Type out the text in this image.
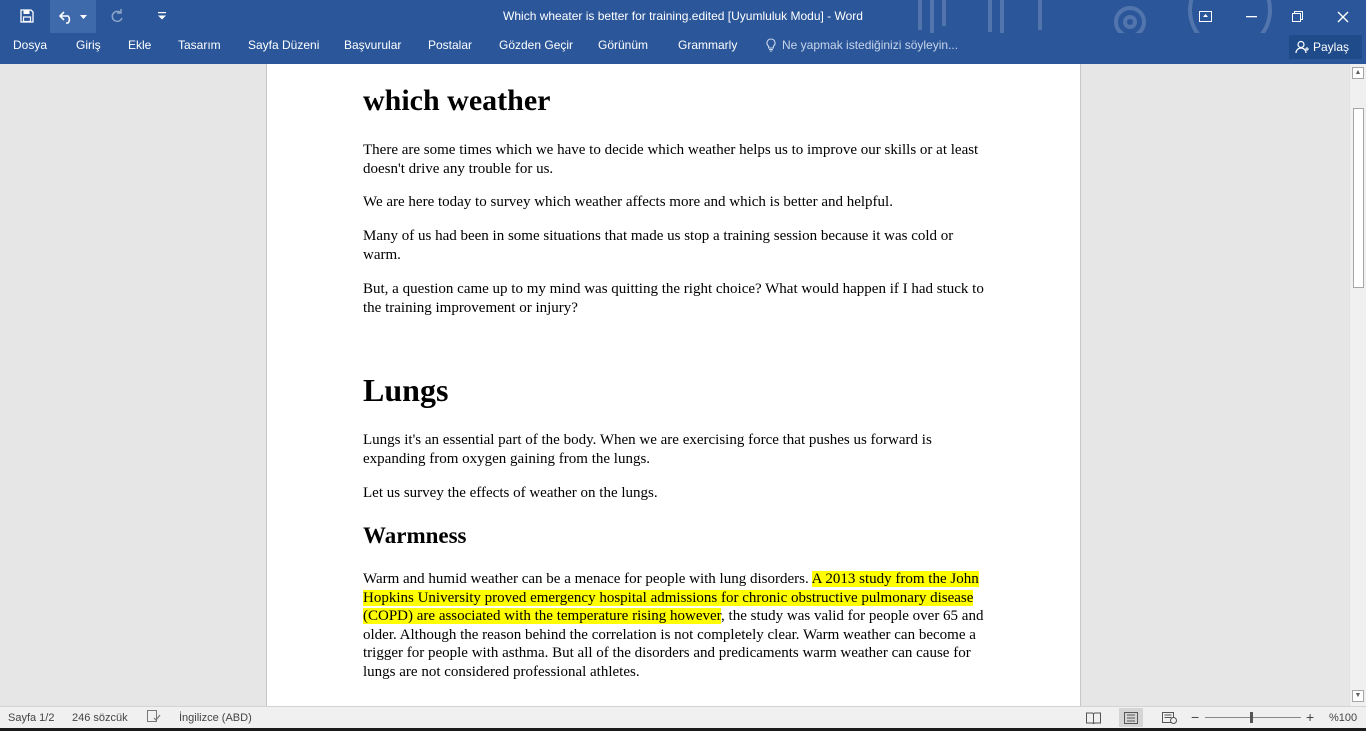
Which wheater is better for training.edited [Uyumluluk Modu] - Word
Dosya Giriş Ekle Tasarım Sayfa Düzeni Başvurular Postalar Gözden Geçir Görünüm Grammarly	Ne yapmak istediğinizi söyleyin...	Paylaş
which weather
There are some times which we have to decide which weather helps us to improve our skills or at least doesn't drive any trouble for us.
We are here today to survey which weather affects more and which is better and helpful.
Many of us had been in some situations that made us stop a training session because it was cold or warm.
But, a question came up to my mind was quitting the right choice? What would happen if I had stuck to the training improvement or injury?
Lungs
Lungs it's an essential part of the body. When we are exercising force that pushes us forward is expanding from oxygen gaining from the lungs.
Let us survey the effects of weather on the lungs.
Warmness
Warm and humid weather can be a menace for people with lung disorders. A 2013 study from the John Hopkins University proved emergency hospital admissions for chronic obstructive pulmonary disease (COPD) are associated with the temperature rising however, the study was valid for people over 65 and older. Although the reason behind the correlation is not completely clear. Warm weather can become a trigger for people with asthma. But all of the disorders and predicaments warm weather can cause for lungs are not considered professional athletes.
▲
▼
Sayfa 1/2 246 sözcük	İngilizce (ABD)	−	+ %100
